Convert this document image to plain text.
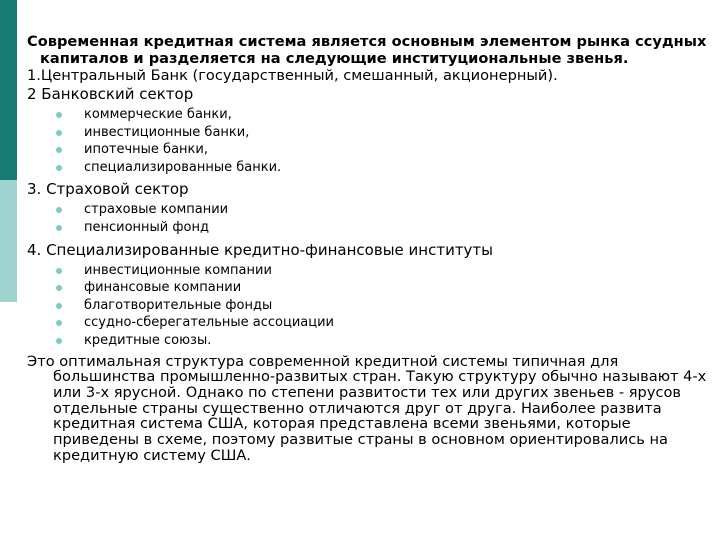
Современная кредитная система является основным элементом рынка ссудных капиталов и разделяется на следующие институциональные звенья.

1.Центральный Банк (государственный, смешанный, акционерный).

2 Банковский сектор

коммерческие банки,
инвестиционные банки,
ипотечные банки,
специализированные банки.

3. Страховой сектор

страховые компании
пенсионный фонд

4. Специализированные кредитно-финансовые институты

инвестиционные компании
финансовые компании
благотворительные фонды
ссудно-сберегательные ассоциации
кредитные союзы.

Это оптимальная структура современной кредитной системы типичная для большинства промышленно-развитых стран. Такую структуру обычно называют 4-х или 3-х ярусной. Однако по степени развитости тех или других звеньев - ярусов отдельные страны существенно отличаются друг от друга. Наиболее развита кредитная система США, которая представлена всеми звеньями, которые приведены в схеме, поэтому развитые страны в основном ориентировались на кредитную систему США.
